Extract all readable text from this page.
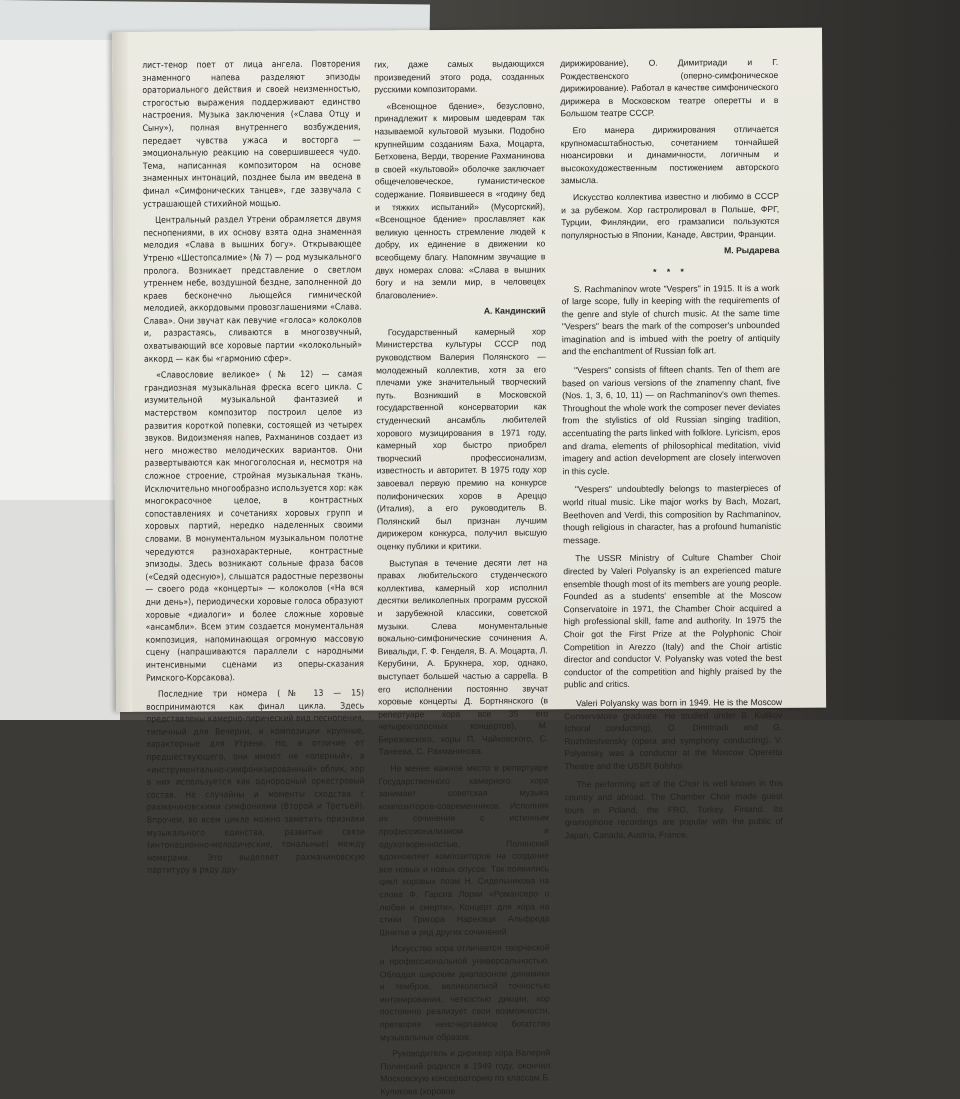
лист-тенор поет от лица ангела. Повторения знаменного напева разделяют эпизоды ораториального действия и своей неизменностью, строгостью выражения поддерживают единство настроения. Музыка заключения («Слава Отцу и Сыну»), полная внутреннего возбуждения, передает чувства ужаса и восторга — эмоциональную реакцию на совершившееся чудо. Тема, написанная композитором на основе знаменных интонаций, позднее была им введена в финал «Симфонических танцев», где зазвучала с устрашающей стихийной мощью.

Центральный раздел Утрени обрамляется двумя песнопениями, в их основу взята одна знаменная мелодия «Слава в вышних богу». Открывающее Утреню «Шестопсалмие» (№ 7) — род музыкального пролога. Возникает представление о светлом утреннем небе, воздушной бездне, заполненной до краев бесконечно льющейся гимнической мелодией, аккордовыми провозглашениями «Слава. Слава». Они звучат как певучие «голоса» колоколов и, разрастаясь, сливаются в многозвучный, охватывающий все хоровые партии «колокольный» аккорд — как бы «гармонию сфер».

«Славословие великое» (№ 12) — самая грандиозная музыкальная фреска всего цикла. С изумительной музыкальной фантазией и мастерством композитор построил целое из развития короткой попевки, состоящей из четырех звуков. Видоизменяя напев, Рахманинов создает из него множество мелодических вариантов. Они развертываются как многоголосная и, несмотря на сложное строение, стройная музыкальная ткань. Исключительно многообразно используется хор: как многокрасочное целое, в контрастных сопоставлениях и сочетаниях хоровых групп и хоровых партий, нередко наделенных своими словами. В монументальном музыкальном полотне чередуются разнохарактерные, контрастные эпизоды. Здесь возникают сольные фраза басов («Седяй одесную»), слышатся радостные перезвоны — своего рода «концерты» — колоколов («На вся дни день»), периодически хоровые голоса образуют хоровые «диалоги» и более сложные хоровые «ансамбли». Всем этим создается монументальная композиция, напоминающая огромную массовую сцену (напрашиваются параллели с народными интенсивными сценами из оперы-сказания Римского-Корсакова).

Последние три номера (№ 13 — 15) воспринимаются как финал цикла. Здесь представлены камерно-лирический вид песнопения, типичный для Вечерни, и композиции крупные, характерные для Утрени. Но, в отличие от предшествующего, они имеют не «оперный», а «инструментально-симфонизированный» облик, хор в них используется как однородный оркестровый состав. Не случайны и моменты сходства с рахманиновскими симфониями (Второй и Третьей). Впрочем, во всем цикле можно заметить признаки музыкального единства, развитые связи (интонационно-мелодические, тональные) между номерами. Это выделяет рахманиновскую партитуру в ряду дру-

гих, даже самых выдающихся произведений этого рода, созданных русскими композиторами.

«Всенощное бдение», безусловно, принадлежит к мировым шедеврам так называемой культовой музыки. Подобно крупнейшим созданиям Баха, Моцарта, Бетховена, Верди, творение Рахманинова в своей «культовой» оболочке заключает общечеловеческое, гуманистическое содержание. Появившееся в «годину бед и тяжких испытаний» (Мусоргский), «Всенощное бдение» прославляет как великую ценность стремление людей к добру, их единение в движении ко всеобщему благу. Напомним звучащие в двух номерах слова: «Слава в вышних богу и на земли мир, в человецех благоволение».

А. Кандинский

Государственный камерный хор Министерства культуры СССР под руководством Валерия Полянского — молодежный коллектив, хотя за его плечами уже значительный творческий путь. Возникший в Московской государственной консерватории как студенческий ансамбль любителей хорового музицирования в 1971 году, камерный хор быстро приобрел творческий профессионализм, известность и авторитет. В 1975 году хор завоевал первую премию на конкурсе полифонических хоров в Ареццо (Италия), а его руководитель В. Полянский был признан лучшим дирижером конкурса, получил высшую оценку публики и критики.

Выступая в течение десяти лет на правах любительского студенческого коллектива, камерный хор исполнил десятки великолепных программ русской и зарубежной классики, советской музыки. Слева монументальные вокально-симфонические сочинения А. Вивальди, Г. Ф. Генделя, В. А. Моцарта, Л. Керубини, А. Брукнера, хор, однако, выступает большей частью a cappella. В его исполнении постоянно звучат хоровые концерты Д. Бортнянского (в репертуаре хора все 35 его четырехголосных концертов), М. Березовского, хоры П. Чайковского, С. Танеева, С. Рахманинова.

Не менее важное место в репертуаре Государственного камерного хора занимает советская музыка композиторов-современников. Исполняя их сочинения с истинным профессионализмом и одухотворенностью, Полянский вдохновляет композиторов на создание все новых и новых опусов. Так появились цикл хоровых поэм Н. Сидельникова на слова Ф. Гарсиа Лорки «Романсеро о любви и смерти», Концерт для хора на стихи Григора Нарекаци Альфреда Шнитке и ряд других сочинений.

Искусство хора отличается творческой и профессиональной универсальностью. Обладая широким диапазоном динамики и тембров, великолепной точностью интонирования, четкостью дикции, хор постоянно реализует свои возможности, претворяя неисчерпаемое богатство музыкальных образов.

Руководитель и дирижер хора Валерий Полянский родился в 1949 году, окончил Московскую консерваторию по классам Б. Куликова (хоровое

дирижирование), О. Димитриади и Г. Рождественского (оперно-симфоническое дирижирование). Работал в качестве симфонического дирижера в Московском театре оперетты и в Большом театре СССР.

Его манера дирижирования отличается крупномасштабностью, сочетанием тончайшей нюансировки и динамичности, логичным и высокохудожественным постижением авторского замысла.

Искусство коллектива известно и любимо в СССР и за рубежом. Хор гастролировал в Польше, ФРГ, Турции, Финляндии, его грамзаписи пользуются популярностью в Японии, Канаде, Австрии, Франции.

М. Рыдарева
* * *

S. Rachmaninov wrote "Vespers" in 1915. It is a work of large scope, fully in keeping with the requirements of the genre and style of church music. At the same time "Vespers" bears the mark of the composer's unbounded imagination and is imbued with the poetry of antiquity and the enchantment of Russian folk art.

"Vespers" consists of fifteen chants. Ten of them are based on various versions of the znamenny chant, five (Nos. 1, 3, 6, 10, 11) — on Rachmaninov's own themes. Throughout the whole work the composer never deviates from the stylistics of old Russian singing tradition, accentuating the parts linked with folklore. Lyricism, epos and drama, elements of philosophical meditation, vivid imagery and action development are closely interwoven in this cycle.

"Vespers" undoubtedly belongs to masterpieces of world ritual music. Like major works by Bach, Mozart, Beethoven and Verdi, this composition by Rachmaninov, though religious in character, has a profound humanistic message.

The USSR Ministry of Culture Chamber Choir directed by Valeri Polyansky is an experienced mature ensemble though most of its members are young people. Founded as a students' ensemble at the Moscow Conservatoire in 1971, the Chamber Choir acquired a high professional skill, fame and authority. In 1975 the Choir got the First Prize at the Polyphonic Choir Competition in Arezzo (Italy) and the Choir artistic director and conductor V. Polyansky was voted the best conductor of the competition and highly praised by the public and critics.

Valeri Polyansky was born in 1949. He is the Moscow Conservatoire graduate. He studied under B. Kulikov (choral conducting), O. Dimitriadi and G. Rozhdestvensky (opera and symphony conducting). V. Polyansky was a conductor at the Moscow Operetta Theatre and the USSR Bolshoi.

The performing art of the Choir is well known in this country and abroad. The Chamber Choir made guest tours in Poland, the FRG, Turkey, Finland. Its gramophone recordings are popular with the public of Japan, Canada, Austria, France.
